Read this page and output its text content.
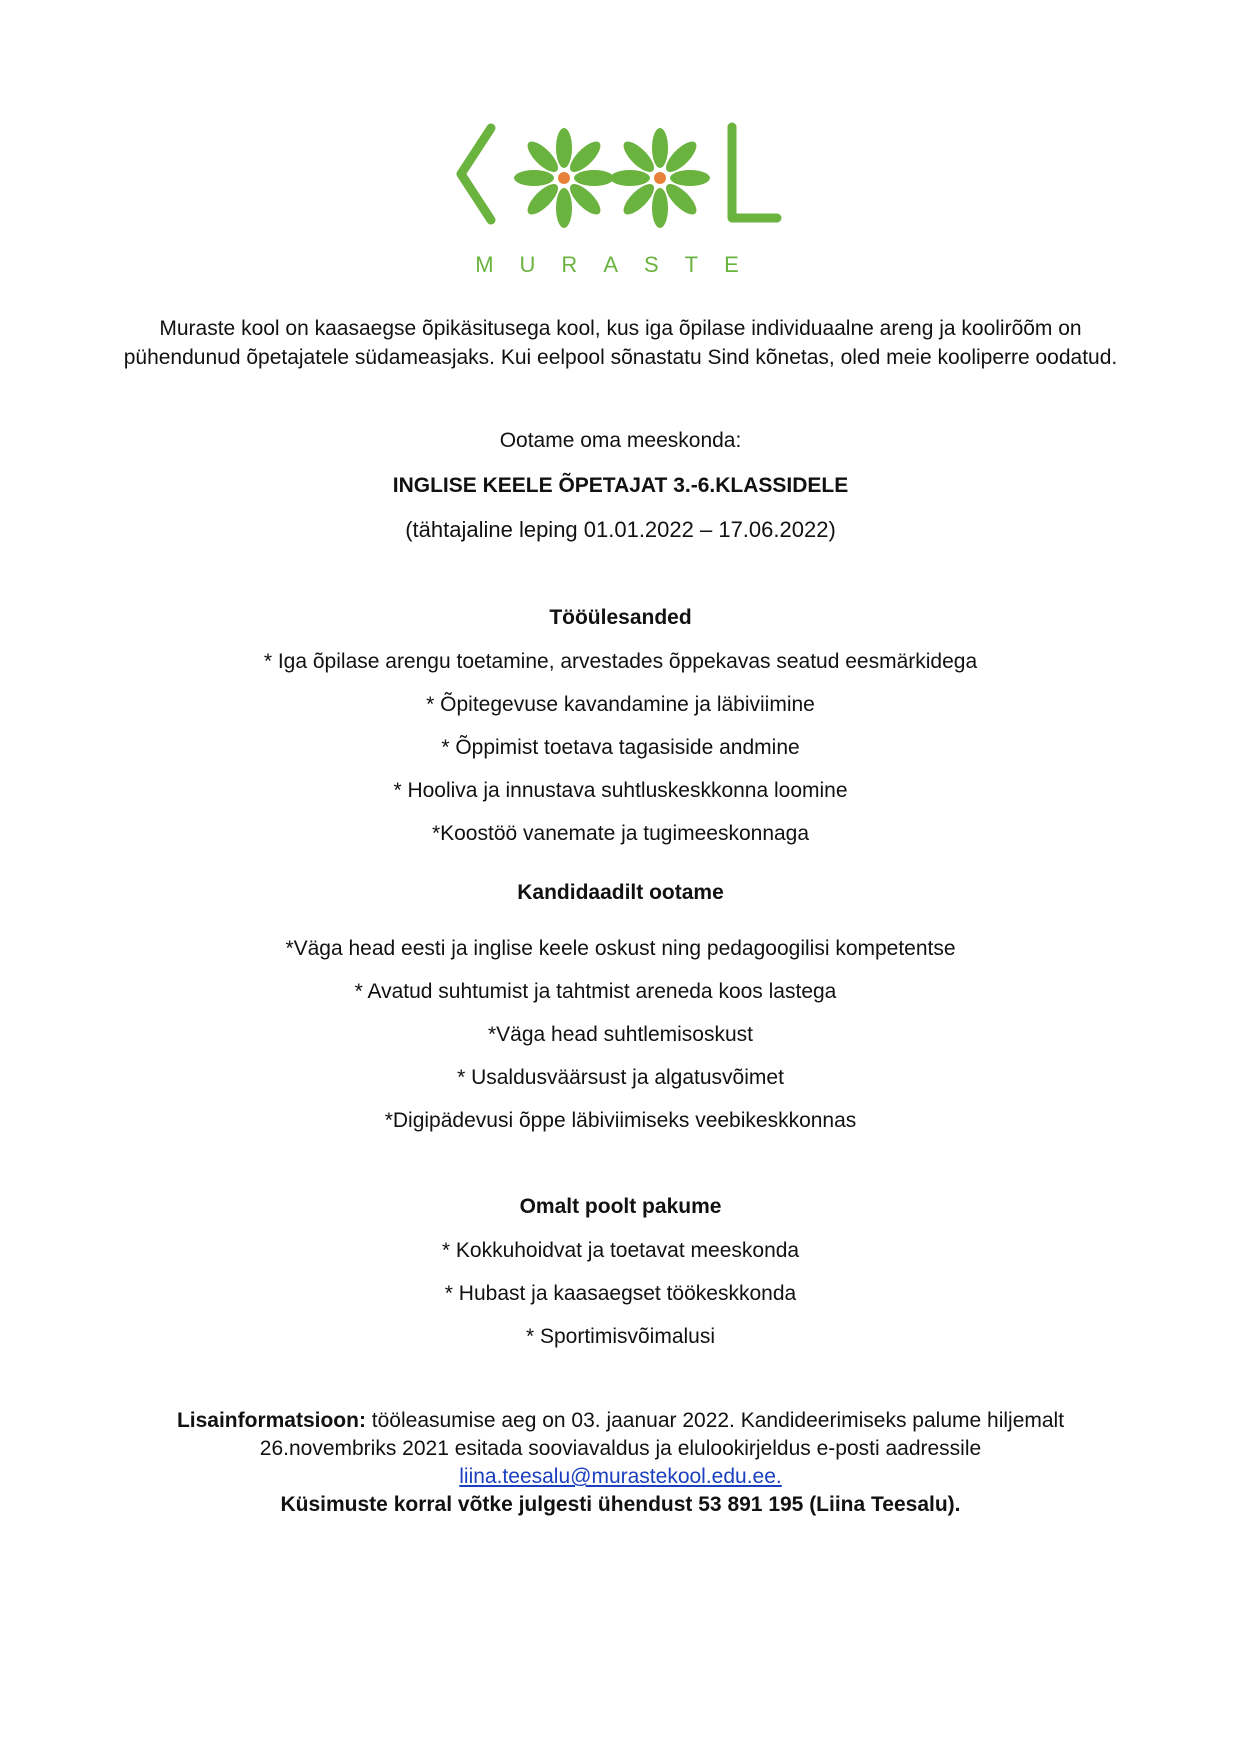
MURASTE
Muraste kool on kaasaegse õpikäsitusega kool, kus iga õpilase individuaalne areng ja koolirõõm on
pühendunud õpetajatele südameasjaks. Kui eelpool sõnastatu Sind kõnetas, oled meie kooliperre oodatud.
Ootame oma meeskonda:
INGLISE KEELE ÕPETAJAT 3.-6.KLASSIDELE
(tähtajaline leping 01.01.2022 – 17.06.2022)
Tööülesanded
* Iga õpilase arengu toetamine, arvestades õppekavas seatud eesmärkidega
* Õpitegevuse kavandamine ja läbiviimine
* Õppimist toetava tagasiside andmine
* Hooliva ja innustava suhtluskeskkonna loomine
*Koostöö vanemate ja tugimeeskonnaga
Kandidaadilt ootame
*Väga head eesti ja inglise keele oskust ning pedagoogilisi kompetentse
* Avatud suhtumist ja tahtmist areneda koos lastega
*Väga head suhtlemisoskust
* Usaldusväärsust ja algatusvõimet
*Digipädevusi õppe läbiviimiseks veebikeskkonnas
Omalt poolt pakume
* Kokkuhoidvat ja toetavat meeskonda
* Hubast ja kaasaegset töökeskkonda
* Sportimisvõimalusi
Lisainformatsioon: tööleasumise aeg on 03. jaanuar 2022. Kandideerimiseks palume hiljemalt
26.novembriks 2021 esitada sooviavaldus ja elulookirjeldus e-posti aadressile
liina.teesalu@murastekool.edu.ee.
Küsimuste korral võtke julgesti ühendust 53 891 195 (Liina Teesalu).
